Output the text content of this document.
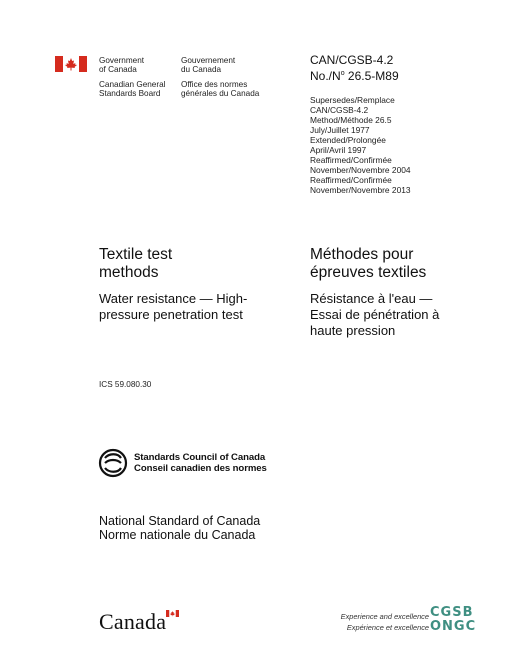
Government
of Canada
Canadian General
Standards Board
Gouvernement
du Canada
Office des normes
générales du Canada
CAN/CGSB-4.2
$No./N^o$ 26.5-M89
Supersedes/Remplace
CAN/CGSB-4.2
Method/Méthode 26.5
July/Juillet 1977
Extended/Prolongée
April/Avril 1997
Reaffirmed/Confirmée
November/Novembre 2004
Reaffirmed/Confirmée
November/Novembre 2013
Textile test
methods
Water resistance — High-
pressure penetration test
Méthodes pour
épreuves textiles
Résistance à l'eau —
Essai de pénétration à
haute pression
ICS 59.080.30
Standards Council of Canada
Conseil canadien des normes
National Standard of Canada
Norme nationale du Canada
Canada	Experience and excellence
Expérience et excellence
CGSB
ONGC
